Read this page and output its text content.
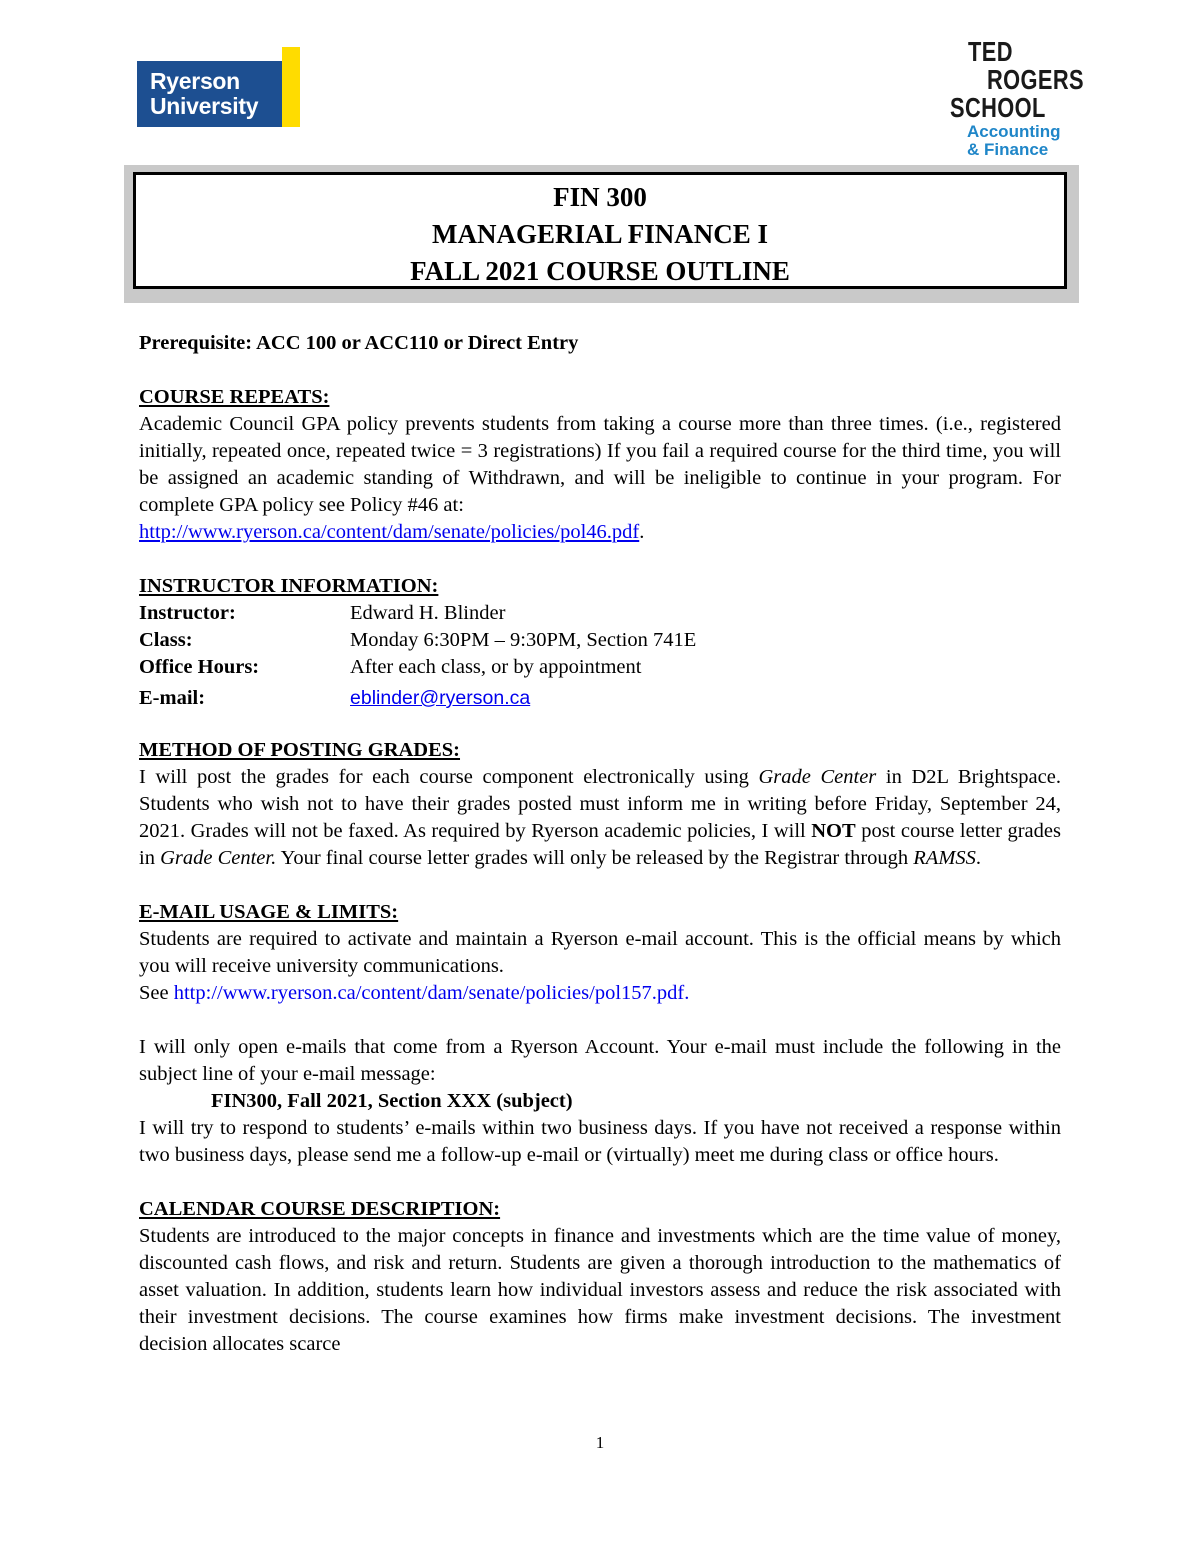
Ryerson
University
TED
ROGERS
SCHOOL
Accounting
& Finance
FIN 300
MANAGERIAL FINANCE I
FALL 2021 COURSE OUTLINE

Prerequisite: ACC 100 or ACC110 or Direct Entry

COURSE REPEATS:

Academic Council GPA policy prevents students from taking a course more than three times. (i.e., registered initially, repeated once, repeated twice = 3 registrations) If you fail a required course for the third time, you will be assigned an academic standing of Withdrawn, and will be ineligible to continue in your program. For complete GPA policy see Policy #46 at:
http://www.ryerson.ca/content/dam/senate/policies/pol46.pdf.

INSTRUCTOR INFORMATION:

Instructor:	Edward H. Blinder
Class:	Monday 6:30PM – 9:30PM, Section 741E
Office Hours:	After each class, or by appointment
E-mail:	eblinder@ryerson.ca

METHOD OF POSTING GRADES:

I will post the grades for each course component electronically using Grade Center in D2L Brightspace. Students who wish not to have their grades posted must inform me in writing before Friday, September 24, 2021. Grades will not be faxed. As required by Ryerson academic policies, I will NOT post course letter grades in Grade Center. Your final course letter grades will only be released by the Registrar through RAMSS.

E-MAIL USAGE & LIMITS:

Students are required to activate and maintain a Ryerson e-mail account. This is the official means by which you will receive university communications.

See http://www.ryerson.ca/content/dam/senate/policies/pol157.pdf.

I will only open e-mails that come from a Ryerson Account. Your e-mail must include the following in the subject line of your e-mail message:

FIN300, Fall 2021, Section XXX (subject)

I will try to respond to students’ e-mails within two business days. If you have not received a response within two business days, please send me a follow-up e-mail or (virtually) meet me during class or office hours.

CALENDAR COURSE DESCRIPTION:

Students are introduced to the major concepts in finance and investments which are the time value of money, discounted cash flows, and risk and return. Students are given a thorough introduction to the mathematics of asset valuation. In addition, students learn how individual investors assess and reduce the risk associated with their investment decisions. The course examines how firms make investment decisions. The investment decision allocates scarce

1
